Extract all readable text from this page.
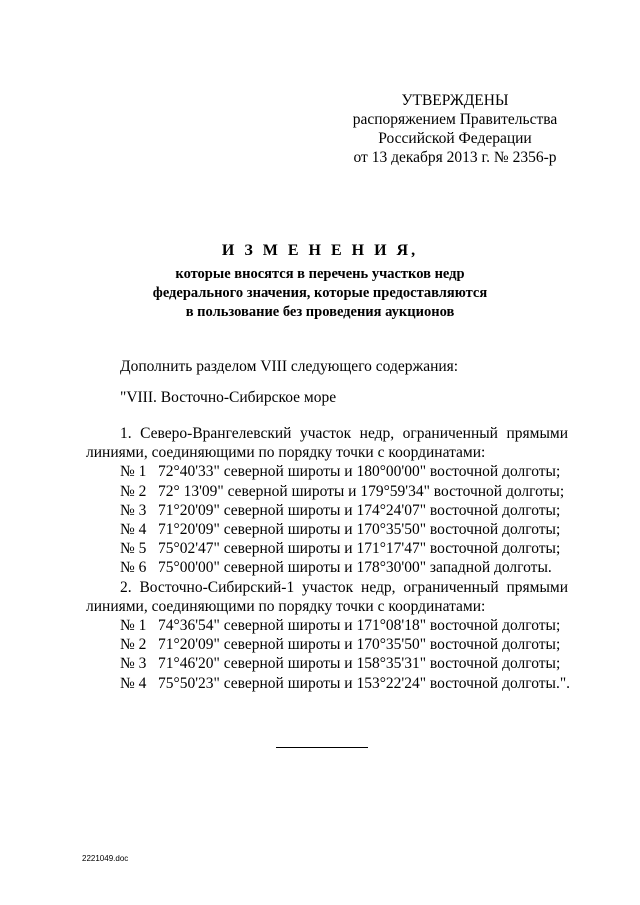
УТВЕРЖДЕНЫ
распоряжением Правительства
Российской Федерации
от 13 декабря 2013 г. № 2356-р
И З М Е Н Е Н И Я,
которые вносятся в перечень участков недр
федерального значения, которые предоставляются
в пользование без проведения аукционов
Дополнить разделом VIII следующего содержания:
"VIII. Восточно-Сибирское море
1. Северо-Врангелевский участок недр, ограниченный прямыми
линиями, соединяющими по порядку точки с координатами:
№ 1 72°40'33" северной широты и 180°00'00" восточной долготы;
№ 2 72° 13'09" северной широты и 179°59'34" восточной долготы;
№ 3 71°20'09" северной широты и 174°24'07" восточной долготы;
№ 4 71°20'09" северной широты и 170°35'50" восточной долготы;
№ 5 75°02'47" северной широты и 171°17'47" восточной долготы;
№ 6 75°00'00" северной широты и 178°30'00" западной долготы.
2. Восточно-Сибирский-1 участок недр, ограниченный прямыми
линиями, соединяющими по порядку точки с координатами:
№ 1 74°36'54" северной широты и 171°08'18" восточной долготы;
№ 2 71°20'09" северной широты и 170°35'50" восточной долготы;
№ 3 71°46'20" северной широты и 158°35'31" восточной долготы;
№ 4 75°50'23" северной широты и 153°22'24" восточной долготы.".
2221049.doc
